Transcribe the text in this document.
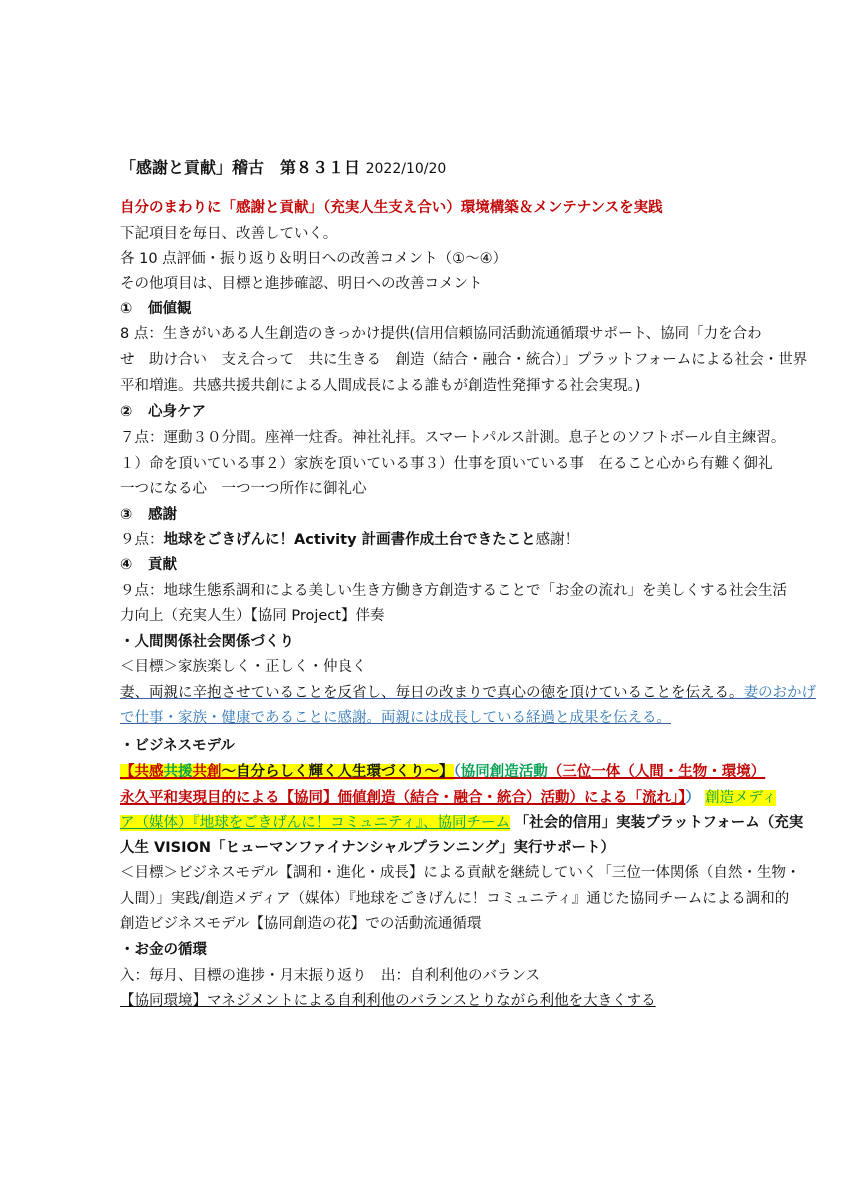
「感謝と貢献」稽古　第８３１日 2022/10/20
自分のまわりに「感謝と貢献」（充実人生支え合い）環境構築＆メンテナンスを実践
下記項目を毎日、改善していく。
各 10 点評価・振り返り＆明日への改善コメント（①～④）
その他項目は、目標と進捗確認、明日への改善コメント
① 価値観
8 点：生きがいある人生創造のきっかけ提供(信用信頼協同活動流通循環サポート、協同「力を合わ
せ　助け合い　支え合って　共に生きる　創造（結合・融合・統合）」プラットフォームによる社会・世界
平和増進。共感共援共創による人間成長による誰もが創造性発揮する社会実現。)
② 心身ケア
７点：運動３０分間。座禅一炷香。神社礼拝。スマートパルス計測。息子とのソフトボール自主練習。
１）命を頂いている事２）家族を頂いている事３）仕事を頂いている事　在ること心から有難く御礼
一つになる心　一つ一つ所作に御礼心
③ 感謝
９点：地球をごきげんに！Activity 計画書作成土台できたこと感謝！
④ 貢献
９点：地球生態系調和による美しい生き方働き方創造することで「お金の流れ」を美しくする社会生活
力向上（充実人生）【協同 Project】伴奏
・人間関係社会関係づくり
＜目標＞家族楽しく・正しく・仲良く
妻、両親に辛抱させていることを反省し、毎日の改まりで真心の徳を頂けていることを伝える。妻のおかげ
で仕事・家族・健康であることに感謝。両親には成長している経過と成果を伝える。
・ビジネスモデル
【共感共援共創～自分らしく輝く人生環づくり～】（協同創造活動（三位一体（人間・生物・環境）
永久平和実現目的による【協同】価値創造（結合・融合・統合）活動）による「流れ」】） 創造メディ
ア（媒体）『地球をごきげんに！コミュニティ』、協同チーム 「社会的信用」実装プラットフォーム（充実
人生 VISION「ヒューマンファイナンシャルプランニング」実行サポート）
＜目標＞ビジネスモデル【調和・進化・成長】による貢献を継続していく「三位一体関係（自然・生物・
人間）」実践/創造メディア（媒体）『地球をごきげんに！コミュニティ』通じた協同チームによる調和的
創造ビジネスモデル【協同創造の花】での活動流通循環
・お金の循環
入：毎月、目標の進捗・月末振り返り　出：自利利他のバランス
【協同環境】マネジメントによる自利利他のバランスとりながら利他を大きくする
